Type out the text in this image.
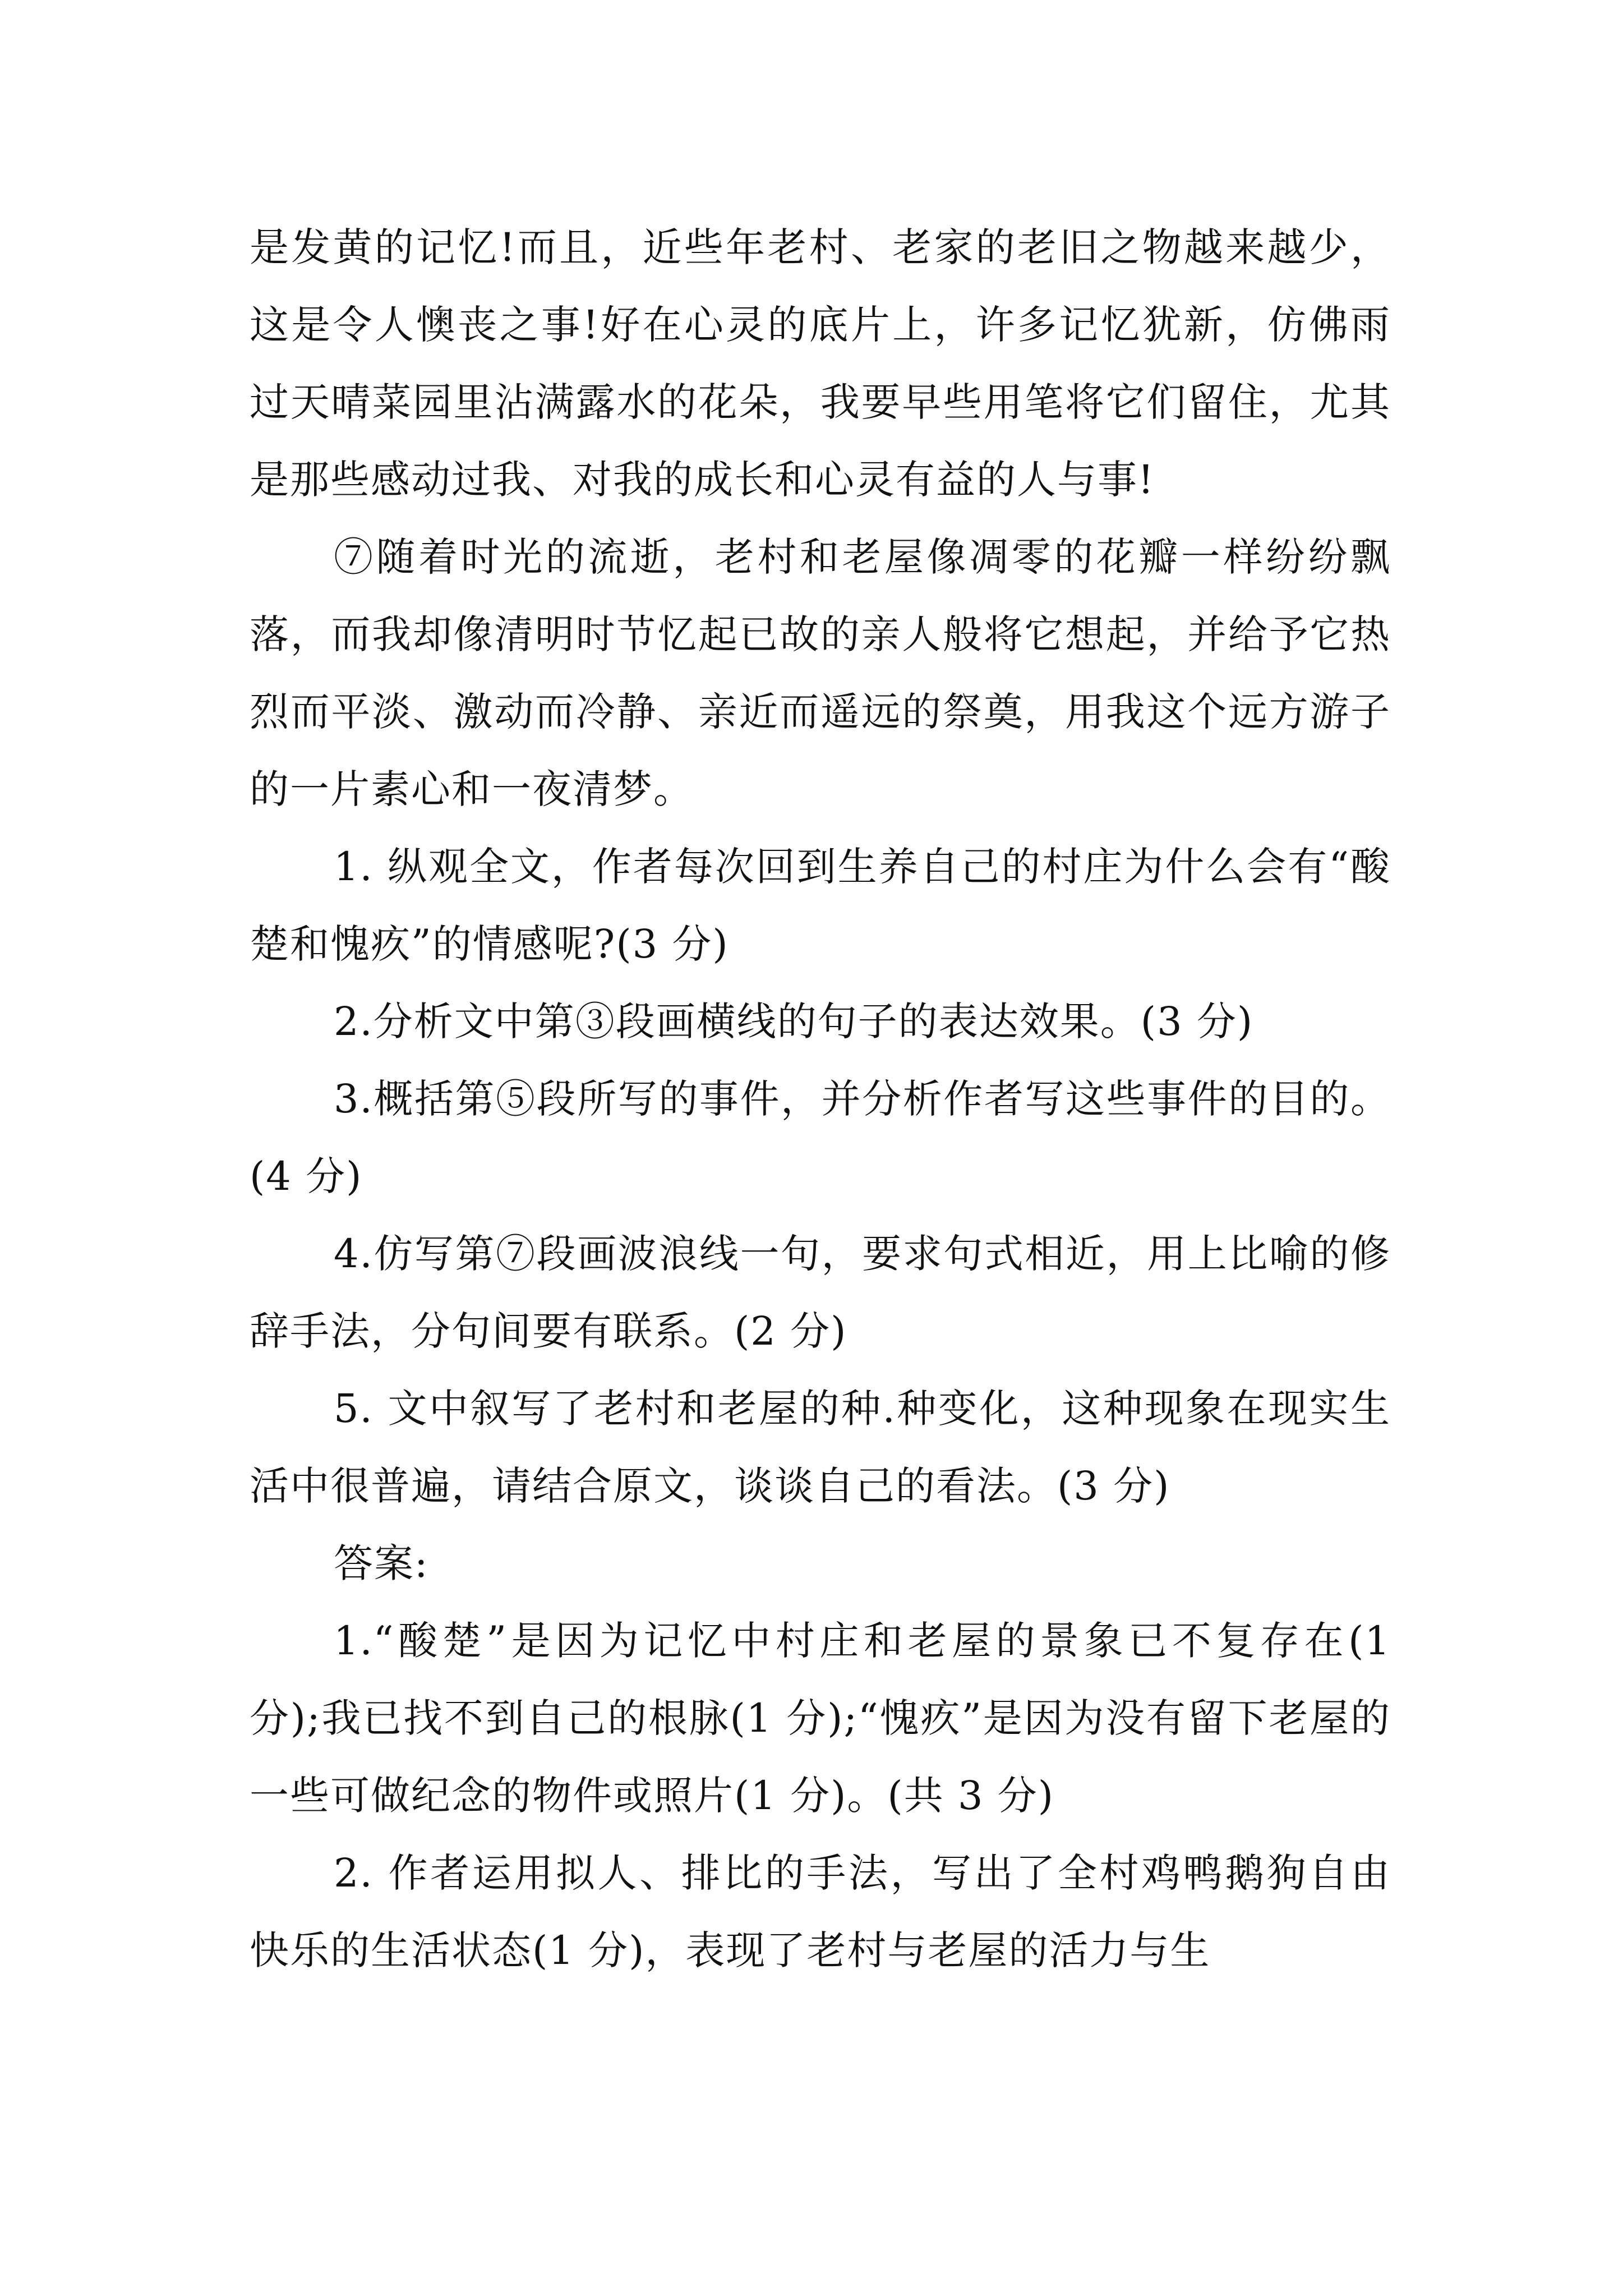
是发黄的记忆!而且，近些年老村、老家的老旧之物越来越少，这是令人懊丧之事!好在心灵的底片上，许多记忆犹新，仿佛雨过天晴菜园里沾满露水的花朵，我要早些用笔将它们留住，尤其是那些感动过我、对我的成长和心灵有益的人与事!

⑦随着时光的流逝，老村和老屋像凋零的花瓣一样纷纷飘落，而我却像清明时节忆起已故的亲人般将它想起，并给予它热烈而平淡、激动而冷静、亲近而遥远的祭奠，用我这个远方游子的一片素心和一夜清梦。

1. 纵观全文，作者每次回到生养自己的村庄为什么会有“酸楚和愧疚”的情感呢?(3 分)

2.分析文中第③段画横线的句子的表达效果。(3 分)

3.概括第⑤段所写的事件，并分析作者写这些事件的目的。(4 分)

4.仿写第⑦段画波浪线一句，要求句式相近，用上比喻的修辞手法，分句间要有联系。(2 分)

5. 文中叙写了老村和老屋的种.种变化，这种现象在现实生活中很普遍，请结合原文，谈谈自己的看法。(3 分)

答案:

1.“酸楚”是因为记忆中村庄和老屋的景象已不复存在(1 分);我已找不到自己的根脉(1 分);“愧疚”是因为没有留下老屋的一些可做纪念的物件或照片(1 分)。(共 3 分)

2. 作者运用拟人、排比的手法，写出了全村鸡鸭鹅狗自由快乐的生活状态(1 分)，表现了老村与老屋的活力与生
